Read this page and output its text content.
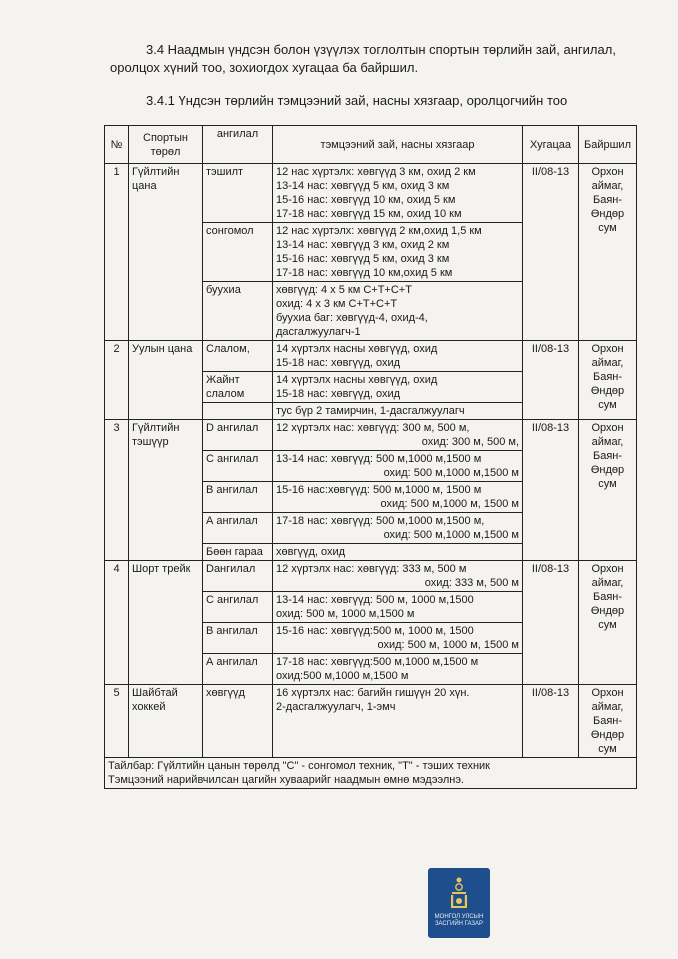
3.4 Наадмын үндсэн болон үзүүлэх тоглолтын спортын төрлийн зай, ангилал, оролцох хүний тоо, зохиогдох хугацаа ба байршил.

3.4.1 Үндсэн төрлийн тэмцээний зай, насны хязгаар, оролцогчийн тоо

№	Спортын төрөл	ангилал	тэмцээний зай, насны хязгаар	Хугацаа	Байршил
1	Гүйлтийн цана	тэшилт	12 нас хүртэлх: хөвгүүд 3 км, охид 2 км
13-14 нас: хөвгүүд 5 км, охид 3 км
15-16 нас: хөвгүүд 10 км, охид 5 км
17-18 нас: хөвгүүд 15 км, охид 10 км	II/08-13	Орхон аймаг, Баян-Өндөр сум
		сонгомол	12 нас хүртэлх: хөвгүүд 2 км,охид 1,5 км
13-14 нас: хөвгүүд 3 км, охид 2 км
15-16 нас: хөвгүүд 5 км, охид 3 км
17-18 нас: хөвгүүд 10 км,охид 5 км		

		буухиа	хөвгүүд: 4 х 5 км С+Т+С+Т
охид: 4 х 3 км С+Т+С+Т
буухиа баг: хөвгүүд-4, охид-4,
дасгалжуулагч-1		

2	Уулын цана	Слалом,	14 хүртэлх насны хөвгүүд, охид
15-18 нас: хөвгүүд, охид	II/08-13	Орхон аймаг, Баян-Өндөр сум
		Жайнт слалом	14 хүртэлх насны хөвгүүд, охид
15-18 нас: хөвгүүд, охид		

			тус бүр 2 тамирчин, 1-дасгалжуулагч		

3	Гүйлтийн тэшүүр	D ангилал	12 хүртэлх нас: хөвгүүд: 300 м, 500 м,
охид: 300 м, 500 м,	II/08-13	Орхон аймаг, Баян-Өндөр сум
		С ангилал	13-14 нас: хөвгүүд: 500 м,1000 м,1500 м
охид: 500 м,1000 м,1500 м		

		В ангилал	15-16 нас:хөвгүүд: 500 м,1000 м, 1500 м
охид: 500 м,1000 м, 1500 м		

		А ангилал	17-18 нас: хөвгүүд: 500 м,1000 м,1500 м,
охид: 500 м,1000 м,1500 м		

		Бөөн гараа	хөвгүүд, охид		

4	Шорт трейк	Dангилал	12 хүртэлх нас: хөвгүүд: 333 м, 500 м
охид: 333 м, 500 м	II/08-13	Орхон аймаг, Баян-Өндөр сум
		С ангилал	13-14 нас: хөвгүүд: 500 м, 1000 м,1500
охид: 500 м, 1000 м,1500 м		

		В ангилал	15-16 нас: хөвгүүд:500 м, 1000 м, 1500
охид: 500 м, 1000 м, 1500 м		

		А ангилал	17-18 нас: хөвгүүд:500 м,1000 м,1500 м
охид:500 м,1000 м,1500 м		

5	Шайбтай хоккей	хөвгүүд	16 хүртэлх нас: багийн гишүүн 20 хүн.
2-дасгалжуулагч, 1-эмч	II/08-13	Орхон аймаг, Баян-Өндөр сум

Тайлбар: Гүйлтийн цанын төрөлд "С" - сонгомол техник, "Т" - тэших техник
Тэмцээний нарийвчилсан цагийн хуваарийг наадмын өмнө мэдээлнэ.					
МОНГОЛ УЛСЫН ЗАСГИЙН ГАЗАР
